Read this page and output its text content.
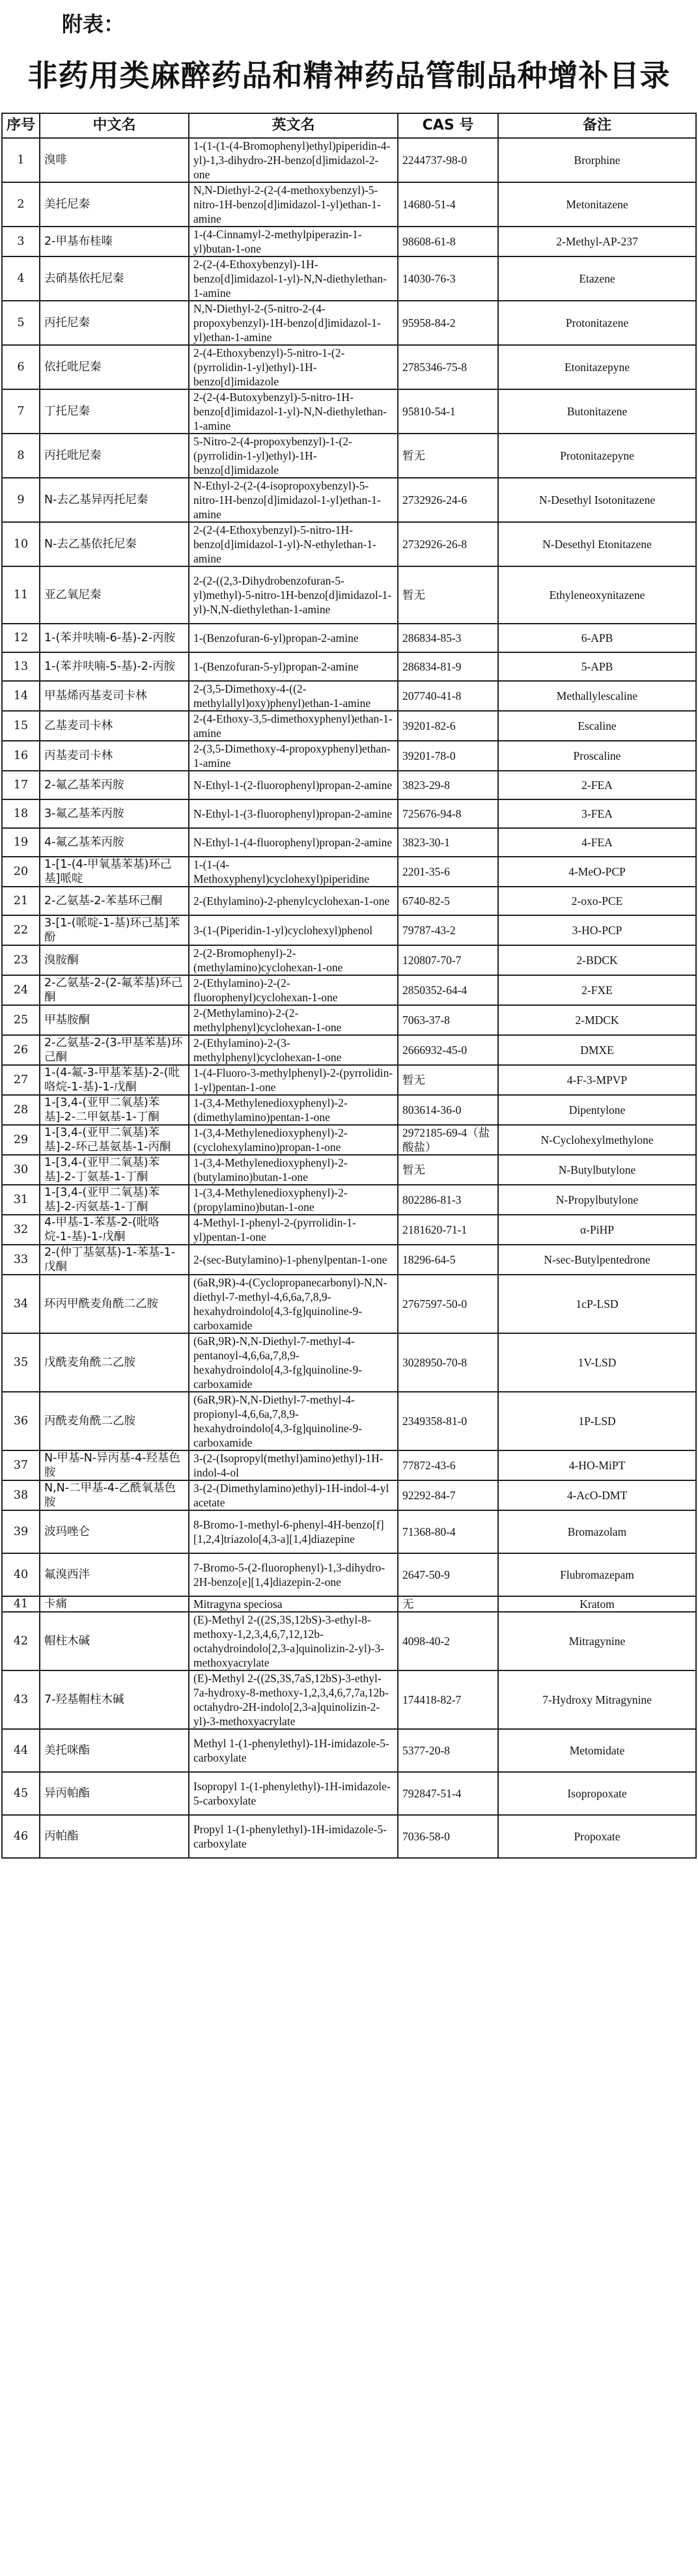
附表：
非药用类麻醉药品和精神药品管制品种增补目录
序号	中文名	英文名	CAS 号	备注
1	溴啡	1-(1-(1-(4-Bromophenyl)ethyl)piperidin-4-yl)-1,3-dihydro-2H-benzo[d]imidazol-2-one	2244737-98-0	Brorphine
2	美托尼秦	N,N-Diethyl-2-(2-(4-methoxybenzyl)-5-nitro-1H-benzo[d]imidazol-1-yl)ethan-1-amine	14680-51-4	Metonitazene
3	2-甲基布桂嗪	1-(4-Cinnamyl-2-methylpiperazin-1-yl)butan-1-one	98608-61-8	2-Methyl-AP-237
4	去硝基依托尼秦	2-(2-(4-Ethoxybenzyl)-1H-benzo[d]imidazol-1-yl)-N,N-diethylethan-1-amine	14030-76-3	Etazene
5	丙托尼秦	N,N-Diethyl-2-(5-nitro-2-(4-propoxybenzyl)-1H-benzo[d]imidazol-1-yl)ethan-1-amine	95958-84-2	Protonitazene
6	依托吡尼秦	2-(4-Ethoxybenzyl)-5-nitro-1-(2-(pyrrolidin-1-yl)ethyl)-1H-benzo[d]imidazole	2785346-75-8	Etonitazepyne
7	丁托尼秦	2-(2-(4-Butoxybenzyl)-5-nitro-1H-benzo[d]imidazol-1-yl)-N,N-diethylethan-1-amine	95810-54-1	Butonitazene
8	丙托吡尼秦	5-Nitro-2-(4-propoxybenzyl)-1-(2-(pyrrolidin-1-yl)ethyl)-1H-benzo[d]imidazole	暂无	Protonitazepyne
9	N-去乙基异丙托尼秦	N-Ethyl-2-(2-(4-isopropoxybenzyl)-5-nitro-1H-benzo[d]imidazol-1-yl)ethan-1-amine	2732926-24-6	N-Desethyl Isotonitazene
10	N-去乙基依托尼秦	2-(2-(4-Ethoxybenzyl)-5-nitro-1H-benzo[d]imidazol-1-yl)-N-ethylethan-1-amine	2732926-26-8	N-Desethyl Etonitazene
11	亚乙氧尼秦	2-(2-((2,3-Dihydrobenzofuran-5-yl)methyl)-5-nitro-1H-benzo[d]imidazol-1-yl)-N,N-diethylethan-1-amine	暂无	Ethyleneoxynitazene
12	1-(苯并呋喃-6-基)-2-丙胺	1-(Benzofuran-6-yl)propan-2-amine	286834-85-3	6-APB
13	1-(苯并呋喃-5-基)-2-丙胺	1-(Benzofuran-5-yl)propan-2-amine	286834-81-9	5-APB
14	甲基烯丙基麦司卡林	2-(3,5-Dimethoxy-4-((2-methylallyl)oxy)phenyl)ethan-1-amine	207740-41-8	Methallylescaline
15	乙基麦司卡林	2-(4-Ethoxy-3,5-dimethoxyphenyl)ethan-1-amine	39201-82-6	Escaline
16	丙基麦司卡林	2-(3,5-Dimethoxy-4-propoxyphenyl)ethan-1-amine	39201-78-0	Proscaline
17	2-氟乙基苯丙胺	N-Ethyl-1-(2-fluorophenyl)propan-2-amine	3823-29-8	2-FEA
18	3-氟乙基苯丙胺	N-Ethyl-1-(3-fluorophenyl)propan-2-amine	725676-94-8	3-FEA
19	4-氟乙基苯丙胺	N-Ethyl-1-(4-fluorophenyl)propan-2-amine	3823-30-1	4-FEA
20	1-[1-(4-甲氧基苯基)环己基]哌啶	1-(1-(4-Methoxyphenyl)cyclohexyl)piperidine	2201-35-6	4-MeO-PCP
21	2-乙氨基-2-苯基环己酮	2-(Ethylamino)-2-phenylcyclohexan-1-one	6740-82-5	2-oxo-PCE
22	3-[1-(哌啶-1-基)环己基]苯酚	3-(1-(Piperidin-1-yl)cyclohexyl)phenol	79787-43-2	3-HO-PCP
23	溴胺酮	2-(2-Bromophenyl)-2-(methylamino)cyclohexan-1-one	120807-70-7	2-BDCK
24	2-乙氨基-2-(2-氟苯基)环己酮	2-(Ethylamino)-2-(2-fluorophenyl)cyclohexan-1-one	2850352-64-4	2-FXE
25	甲基胺酮	2-(Methylamino)-2-(2-methylphenyl)cyclohexan-1-one	7063-37-8	2-MDCK
26	2-乙氨基-2-(3-甲基苯基)环己酮	2-(Ethylamino)-2-(3-methylphenyl)cyclohexan-1-one	2666932-45-0	DMXE
27	1-(4-氟-3-甲基苯基)-2-(吡咯烷-1-基)-1-戊酮	1-(4-Fluoro-3-methylphenyl)-2-(pyrrolidin-1-yl)pentan-1-one	暂无	4-F-3-MPVP
28	1-[3,4-(亚甲二氧基)苯基]-2-二甲氨基-1-丁酮	1-(3,4-Methylenedioxyphenyl)-2-(dimethylamino)pentan-1-one	803614-36-0	Dipentylone
29	1-[3,4-(亚甲二氧基)苯基]-2-环己基氨基-1-丙酮	1-(3,4-Methylenedioxyphenyl)-2-(cyclohexylamino)propan-1-one	2972185-69-4（盐酸盐）	N-Cyclohexylmethylone
30	1-[3,4-(亚甲二氧基)苯基]-2-丁氨基-1-丁酮	1-(3,4-Methylenedioxyphenyl)-2-(butylamino)butan-1-one	暂无	N-Butylbutylone
31	1-[3,4-(亚甲二氧基)苯基]-2-丙氨基-1-丁酮	1-(3,4-Methylenedioxyphenyl)-2-(propylamino)butan-1-one	802286-81-3	N-Propylbutylone
32	4-甲基-1-苯基-2-(吡咯烷-1-基)-1-戊酮	4-Methyl-1-phenyl-2-(pyrrolidin-1-yl)pentan-1-one	2181620-71-1	α-PiHP
33	2-(仲丁基氨基)-1-苯基-1-戊酮	2-(sec-Butylamino)-1-phenylpentan-1-one	18296-64-5	N-sec-Butylpentedrone
34	环丙甲酰麦角酰二乙胺	(6aR,9R)-4-(Cyclopropanecarbonyl)-N,N-diethyl-7-methyl-4,6,6a,7,8,9-hexahydroindolo[4,3-fg]quinoline-9-carboxamide	2767597-50-0	1cP-LSD
35	戊酰麦角酰二乙胺	(6aR,9R)-N,N-Diethyl-7-methyl-4-pentanoyl-4,6,6a,7,8,9-hexahydroindolo[4,3-fg]quinoline-9-carboxamide	3028950-70-8	1V-LSD
36	丙酰麦角酰二乙胺	(6aR,9R)-N,N-Diethyl-7-methyl-4-propionyl-4,6,6a,7,8,9-hexahydroindolo[4,3-fg]quinoline-9-carboxamide	2349358-81-0	1P-LSD
37	N-甲基-N-异丙基-4-羟基色胺	3-(2-(Isopropyl(methyl)amino)ethyl)-1H-indol-4-ol	77872-43-6	4-HO-MiPT
38	N,N-二甲基-4-乙酰氧基色胺	3-(2-(Dimethylamino)ethyl)-1H-indol-4-yl acetate	92292-84-7	4-AcO-DMT
39	波玛唑仑	8-Bromo-1-methyl-6-phenyl-4H-benzo[f][1,2,4]triazolo[4,3-a][1,4]diazepine	71368-80-4	Bromazolam
40	氟溴西泮	7-Bromo-5-(2-fluorophenyl)-1,3-dihydro-2H-benzo[e][1,4]diazepin-2-one	2647-50-9	Flubromazepam
41	卡痛	Mitragyna speciosa	无	Kratom
42	帽柱木碱	(E)-Methyl 2-((2S,3S,12bS)-3-ethyl-8-methoxy-1,2,3,4,6,7,12,12b-octahydroindolo[2,3-a]quinolizin-2-yl)-3-methoxyacrylate	4098-40-2	Mitragynine
43	7-羟基帽柱木碱	(E)-Methyl 2-((2S,3S,7aS,12bS)-3-ethyl-7a-hydroxy-8-methoxy-1,2,3,4,6,7,7a,12b-octahydro-2H-indolo[2,3-a]quinolizin-2-yl)-3-methoxyacrylate	174418-82-7	7-Hydroxy Mitragynine
44	美托咪酯	Methyl 1-(1-phenylethyl)-1H-imidazole-5-carboxylate	5377-20-8	Metomidate
45	异丙帕酯	Isopropyl 1-(1-phenylethyl)-1H-imidazole-5-carboxylate	792847-51-4	Isopropoxate
46	丙帕酯	Propyl 1-(1-phenylethyl)-1H-imidazole-5-carboxylate	7036-58-0	Propoxate
